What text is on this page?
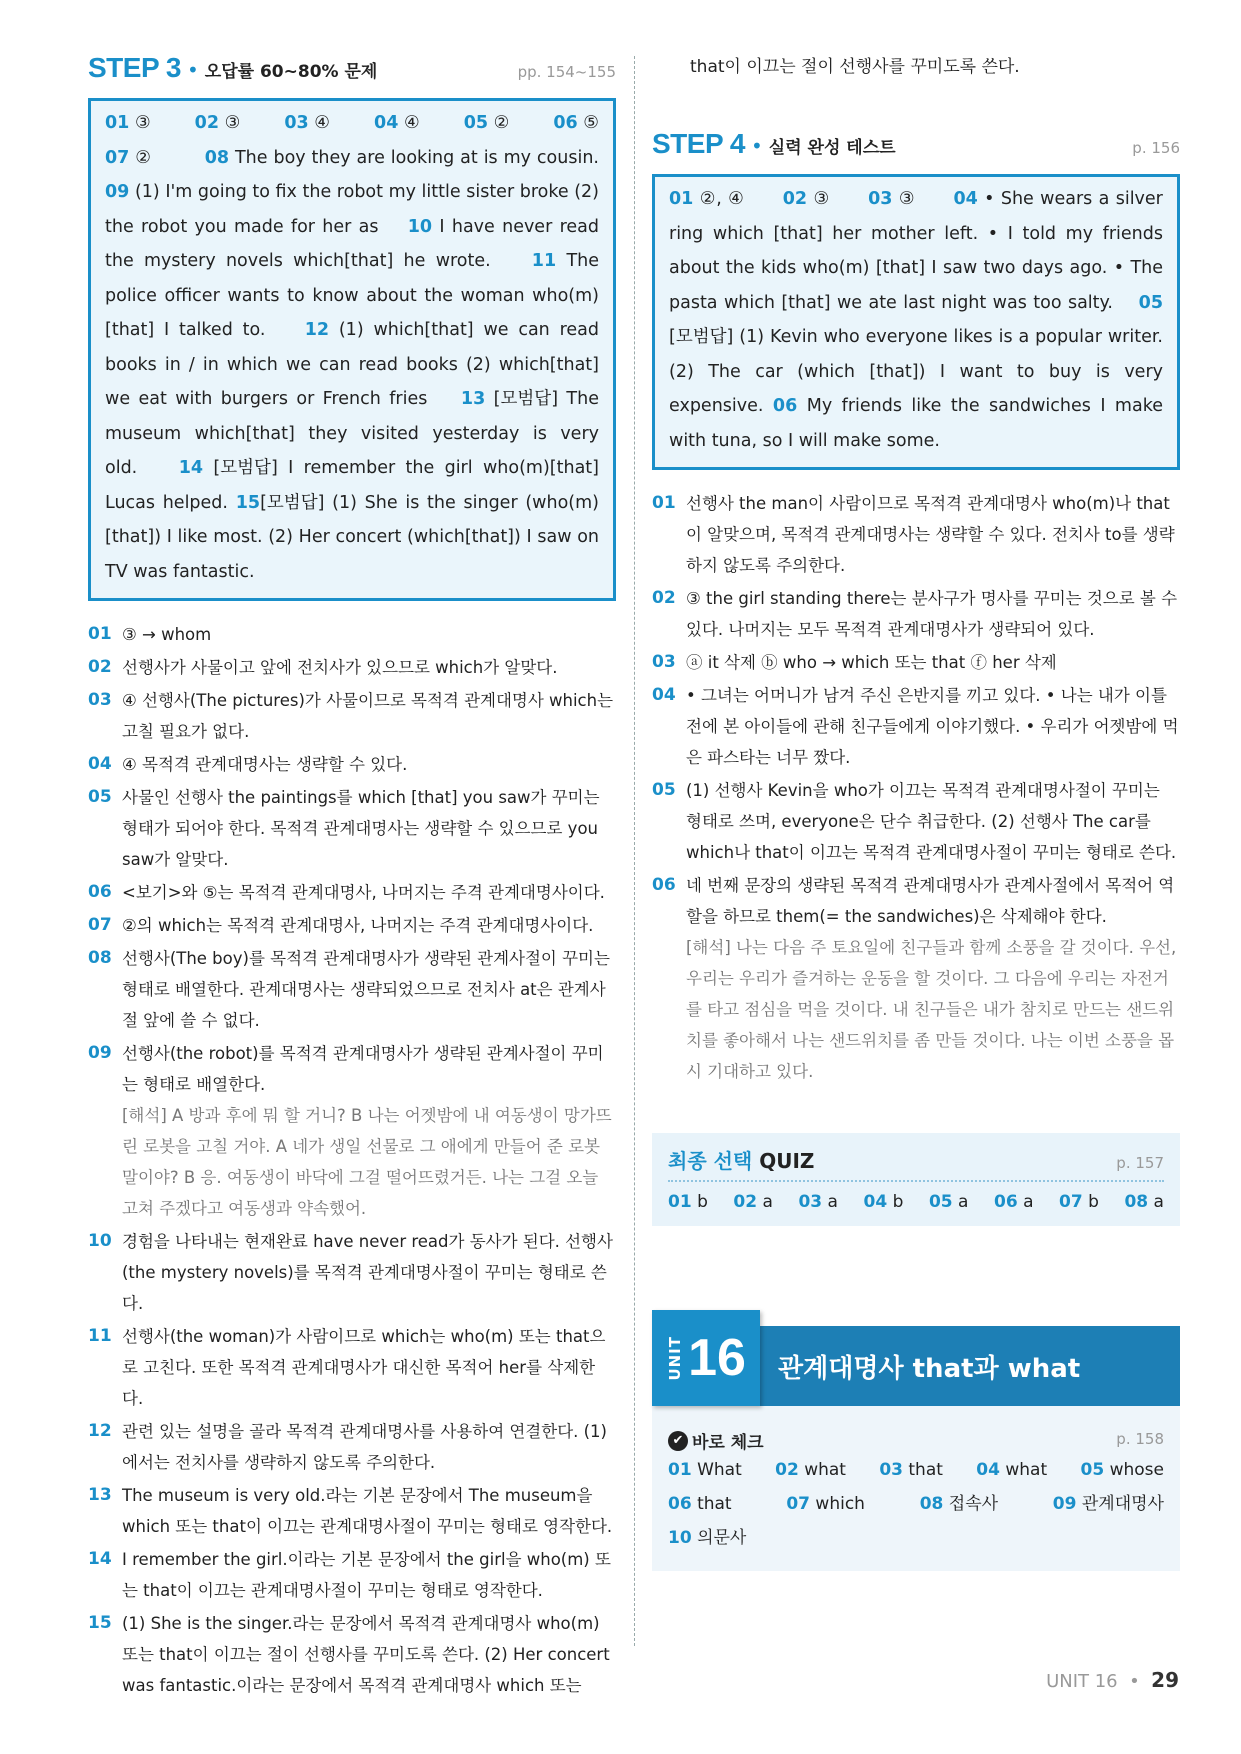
STEP 3 • 오답률 60~80% 문제	pp. 154~155
01 ③	02 ③	03 ④	04 ④	05 ②	06 ⑤
07 ②	08 The boy they are looking at is my cousin. 09 (1) I'm going to fix the robot my little sister broke (2) the robot you made for her as 10 I have never read the mystery novels which[that] he wrote. 11 The police officer wants to know about the woman who(m)[that] I talked to. 12 (1) which[that] we can read books in / in which we can read books (2) which[that] we eat with burgers or French fries 13 [모범답] The museum which[that] they visited yesterday is very old. 14 [모범답] I remember the girl who(m)[that] Lucas helped. 15[모범답] (1) She is the singer (who(m)[that]) I like most. (2) Her concert (which[that]) I saw on TV was fantastic.
01 ③ → whom
02 선행사가 사물이고 앞에 전치사가 있으므로 which가 알맞다.
03 ④ 선행사(The pictures)가 사물이므로 목적격 관계대명사 which는 고칠 필요가 없다.
04 ④ 목적격 관계대명사는 생략할 수 있다.
05 사물인 선행사 the paintings를 which [that] you saw가 꾸미는 형태가 되어야 한다. 목적격 관계대명사는 생략할 수 있으므로 you saw가 알맞다.
06 <보기>와 ⑤는 목적격 관계대명사, 나머지는 주격 관계대명사이다.
07 ②의 which는 목적격 관계대명사, 나머지는 주격 관계대명사이다.
08 선행사(The boy)를 목적격 관계대명사가 생략된 관계사절이 꾸미는 형태로 배열한다. 관계대명사는 생략되었으므로 전치사 at은 관계사절 앞에 쓸 수 없다.
09 선행사(the robot)를 목적격 관계대명사가 생략된 관계사절이 꾸미는 형태로 배열한다.
[해석] A 방과 후에 뭐 할 거니? B 나는 어젯밤에 내 여동생이 망가뜨린 로봇을 고칠 거야. A 네가 생일 선물로 그 애에게 만들어 준 로봇 말이야? B 응. 여동생이 바닥에 그걸 떨어뜨렸거든. 나는 그걸 오늘 고쳐 주겠다고 여동생과 약속했어.
10 경험을 나타내는 현재완료 have never read가 동사가 된다. 선행사(the mystery novels)를 목적격 관계대명사절이 꾸미는 형태로 쓴다.
11 선행사(the woman)가 사람이므로 which는 who(m) 또는 that으로 고친다. 또한 목적격 관계대명사가 대신한 목적어 her를 삭제한다.
12 관련 있는 설명을 골라 목적격 관계대명사를 사용하여 연결한다. (1)에서는 전치사를 생략하지 않도록 주의한다.
13 The museum is very old.라는 기본 문장에서 The museum을 which 또는 that이 이끄는 관계대명사절이 꾸미는 형태로 영작한다.
14 I remember the girl.이라는 기본 문장에서 the girl을 who(m) 또는 that이 이끄는 관계대명사절이 꾸미는 형태로 영작한다.
15 (1) She is the singer.라는 문장에서 목적격 관계대명사 who(m) 또는 that이 이끄는 절이 선행사를 꾸미도록 쓴다. (2) Her concert was fantastic.이라는 문장에서 목적격 관계대명사 which 또는
that이 이끄는 절이 선행사를 꾸미도록 쓴다.
STEP 4 • 실력 완성 테스트	p. 156
01 ②, ④ 02 ③ 03 ③ 04 • She wears a silver ring which [that] her mother left. • I told my friends about the kids who(m) [that] I saw two days ago. • The pasta which [that] we ate last night was too salty. 05 [모범답] (1) Kevin who everyone likes is a popular writer. (2) The car (which [that]) I want to buy is very expensive. 06 My friends like the sandwiches I make with tuna, so I will make some.
01 선행사 the man이 사람이므로 목적격 관계대명사 who(m)나 that이 알맞으며, 목적격 관계대명사는 생략할 수 있다. 전치사 to를 생략하지 않도록 주의한다.
02 ③ the girl standing there는 분사구가 명사를 꾸미는 것으로 볼 수 있다. 나머지는 모두 목적격 관계대명사가 생략되어 있다.
03 ⓐ it 삭제 ⓑ who → which 또는 that ⓕ her 삭제
04 • 그녀는 어머니가 남겨 주신 은반지를 끼고 있다. • 나는 내가 이틀 전에 본 아이들에 관해 친구들에게 이야기했다. • 우리가 어젯밤에 먹은 파스타는 너무 짰다.
05 (1) 선행사 Kevin을 who가 이끄는 목적격 관계대명사절이 꾸미는 형태로 쓰며, everyone은 단수 취급한다. (2) 선행사 The car를 which나 that이 이끄는 목적격 관계대명사절이 꾸미는 형태로 쓴다.
06 네 번째 문장의 생략된 목적격 관계대명사가 관계사절에서 목적어 역할을 하므로 them(= the sandwiches)은 삭제해야 한다.
[해석] 나는 다음 주 토요일에 친구들과 함께 소풍을 갈 것이다. 우선, 우리는 우리가 즐겨하는 운동을 할 것이다. 그 다음에 우리는 자전거를 타고 점심을 먹을 것이다. 내 친구들은 내가 참치로 만드는 샌드위치를 좋아해서 나는 샌드위치를 좀 만들 것이다. 나는 이번 소풍을 몹시 기대하고 있다.
최종 선택 QUIZ	p. 157
01 b 02 a 03 a 04 b 05 a 06 a 07 b 08 a
UNIT 16 관계대명사 that과 what
✔ 바로 체크	p. 158
01 What 02 what 03 that 04 what 05 whose
06 that	07 which	08 접속사	09 관계대명사
10 의문사
UNIT 16  •  29
